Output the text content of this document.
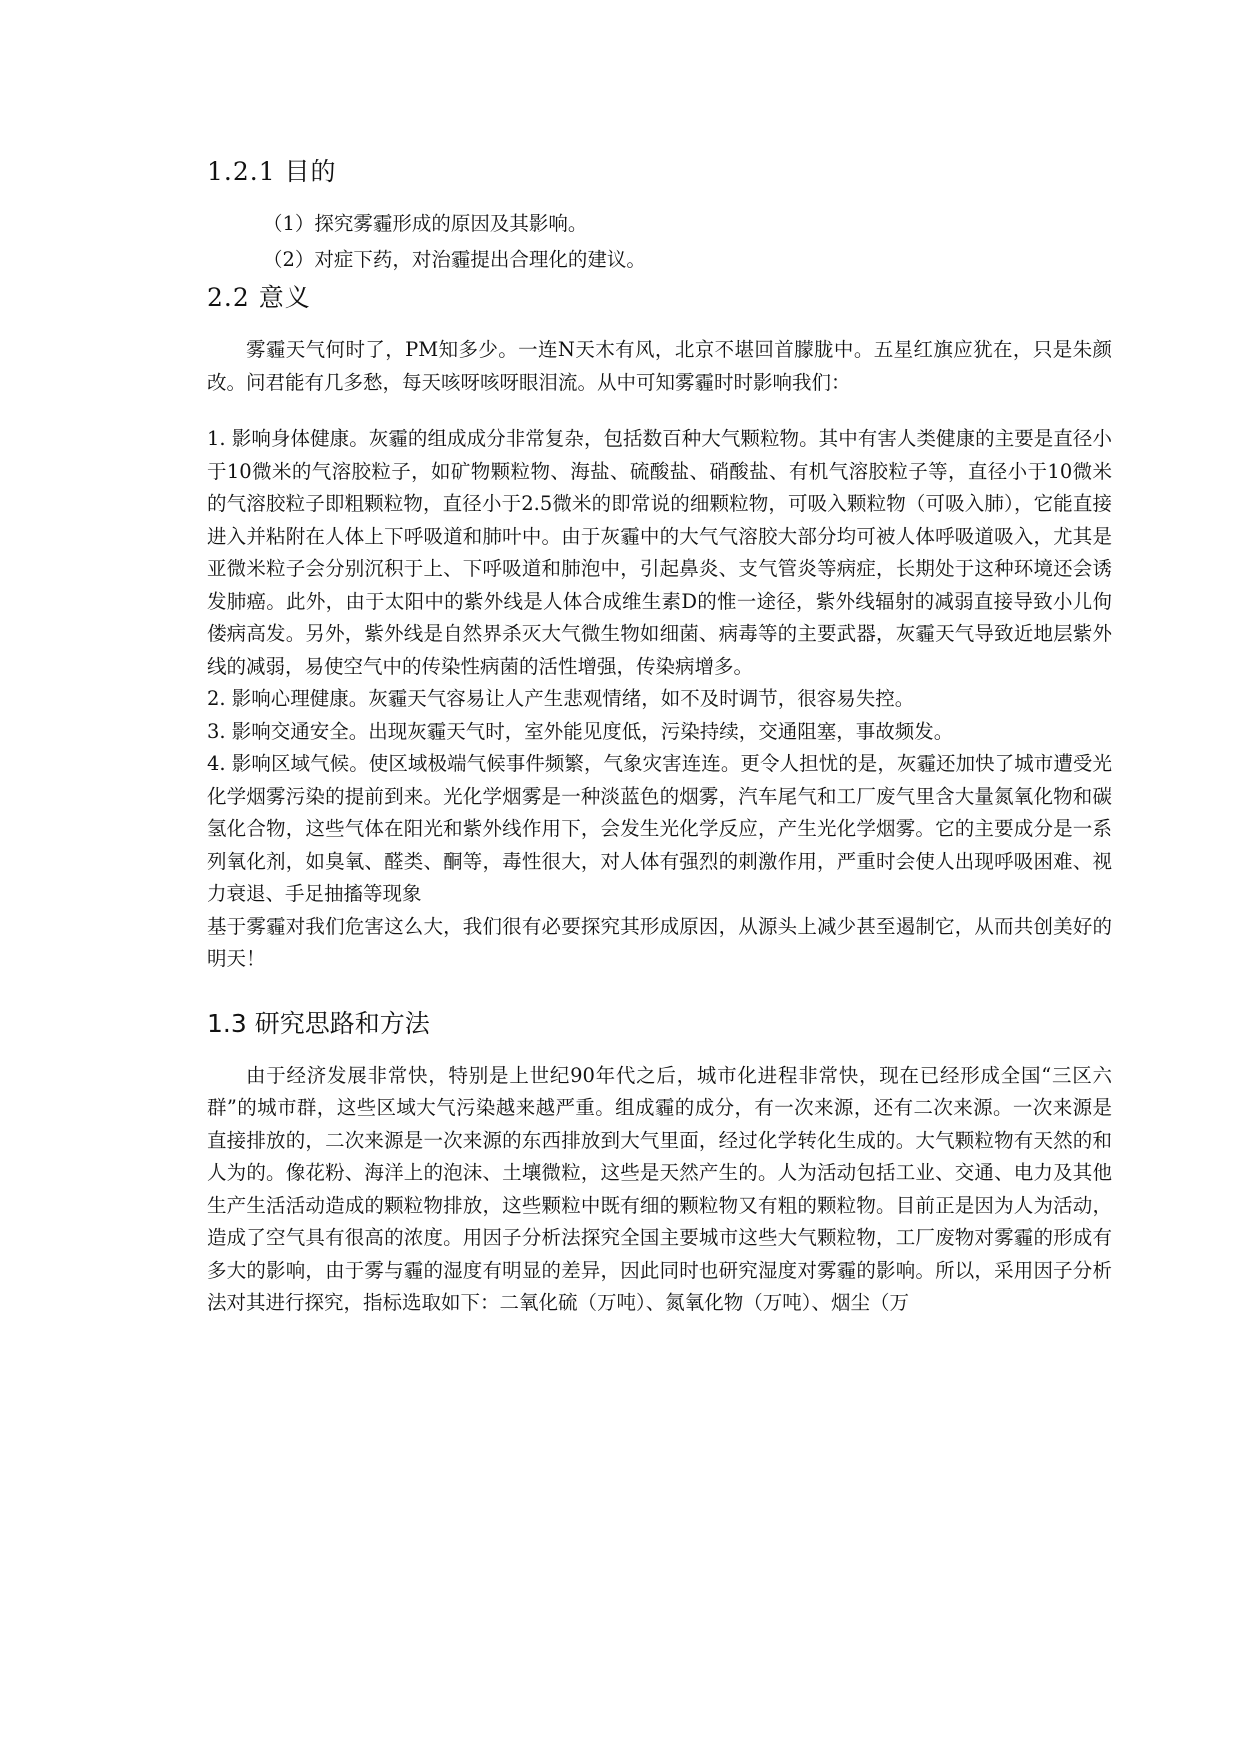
1.2.1 目的
（1）探究雾霾形成的原因及其影响。
（2）对症下药，对治霾提出合理化的建议。
2.2 意义

雾霾天气何时了，PM知多少。一连N天木有风，北京不堪回首朦胧中。五星红旗应犹在，只是朱颜改。问君能有几多愁，每天咳呀咳呀眼泪流。从中可知雾霾时时影响我们：

1. 影响身体健康。灰霾的组成成分非常复杂，包括数百种大气颗粒物。其中有害人类健康的主要是直径小于10微米的气溶胶粒子，如矿物颗粒物、海盐、硫酸盐、硝酸盐、有机气溶胶粒子等，直径小于10微米的气溶胶粒子即粗颗粒物，直径小于2.5微米的即常说的细颗粒物，可吸入颗粒物（可吸入肺），它能直接进入并粘附在人体上下呼吸道和肺叶中。由于灰霾中的大气气溶胶大部分均可被人体呼吸道吸入，尤其是亚微米粒子会分别沉积于上、下呼吸道和肺泡中，引起鼻炎、支气管炎等病症，长期处于这种环境还会诱发肺癌。此外，由于太阳中的紫外线是人体合成维生素D的惟一途径，紫外线辐射的减弱直接导致小儿佝偻病高发。另外，紫外线是自然界杀灭大气微生物如细菌、病毒等的主要武器，灰霾天气导致近地层紫外线的减弱，易使空气中的传染性病菌的活性增强，传染病增多。

2. 影响心理健康。灰霾天气容易让人产生悲观情绪，如不及时调节，很容易失控。

3. 影响交通安全。出现灰霾天气时，室外能见度低，污染持续，交通阻塞，事故频发。

4. 影响区域气候。使区域极端气候事件频繁，气象灾害连连。更令人担忧的是，灰霾还加快了城市遭受光化学烟雾污染的提前到来。光化学烟雾是一种淡蓝色的烟雾，汽车尾气和工厂废气里含大量氮氧化物和碳氢化合物，这些气体在阳光和紫外线作用下，会发生光化学反应，产生光化学烟雾。它的主要成分是一系列氧化剂，如臭氧、醛类、酮等，毒性很大，对人体有强烈的刺激作用，严重时会使人出现呼吸困难、视力衰退、手足抽搐等现象

基于雾霾对我们危害这么大，我们很有必要探究其形成原因，从源头上减少甚至遏制它，从而共创美好的明天！

1.3 研究思路和方法

由于经济发展非常快，特别是上世纪90年代之后，城市化进程非常快，现在已经形成全国“三区六群”的城市群，这些区域大气污染越来越严重。组成霾的成分，有一次来源，还有二次来源。一次来源是直接排放的，二次来源是一次来源的东西排放到大气里面，经过化学转化生成的。大气颗粒物有天然的和人为的。像花粉、海洋上的泡沫、土壤微粒，这些是天然产生的。人为活动包括工业、交通、电力及其他生产生活活动造成的颗粒物排放，这些颗粒中既有细的颗粒物又有粗的颗粒物。目前正是因为人为活动，造成了空气具有很高的浓度。用因子分析法探究全国主要城市这些大气颗粒物，工厂废物对雾霾的形成有多大的影响，由于雾与霾的湿度有明显的差异，因此同时也研究湿度对雾霾的影响。所以，采用因子分析法对其进行探究，指标选取如下：二氧化硫（万吨）、氮氧化物（万吨）、烟尘（万
